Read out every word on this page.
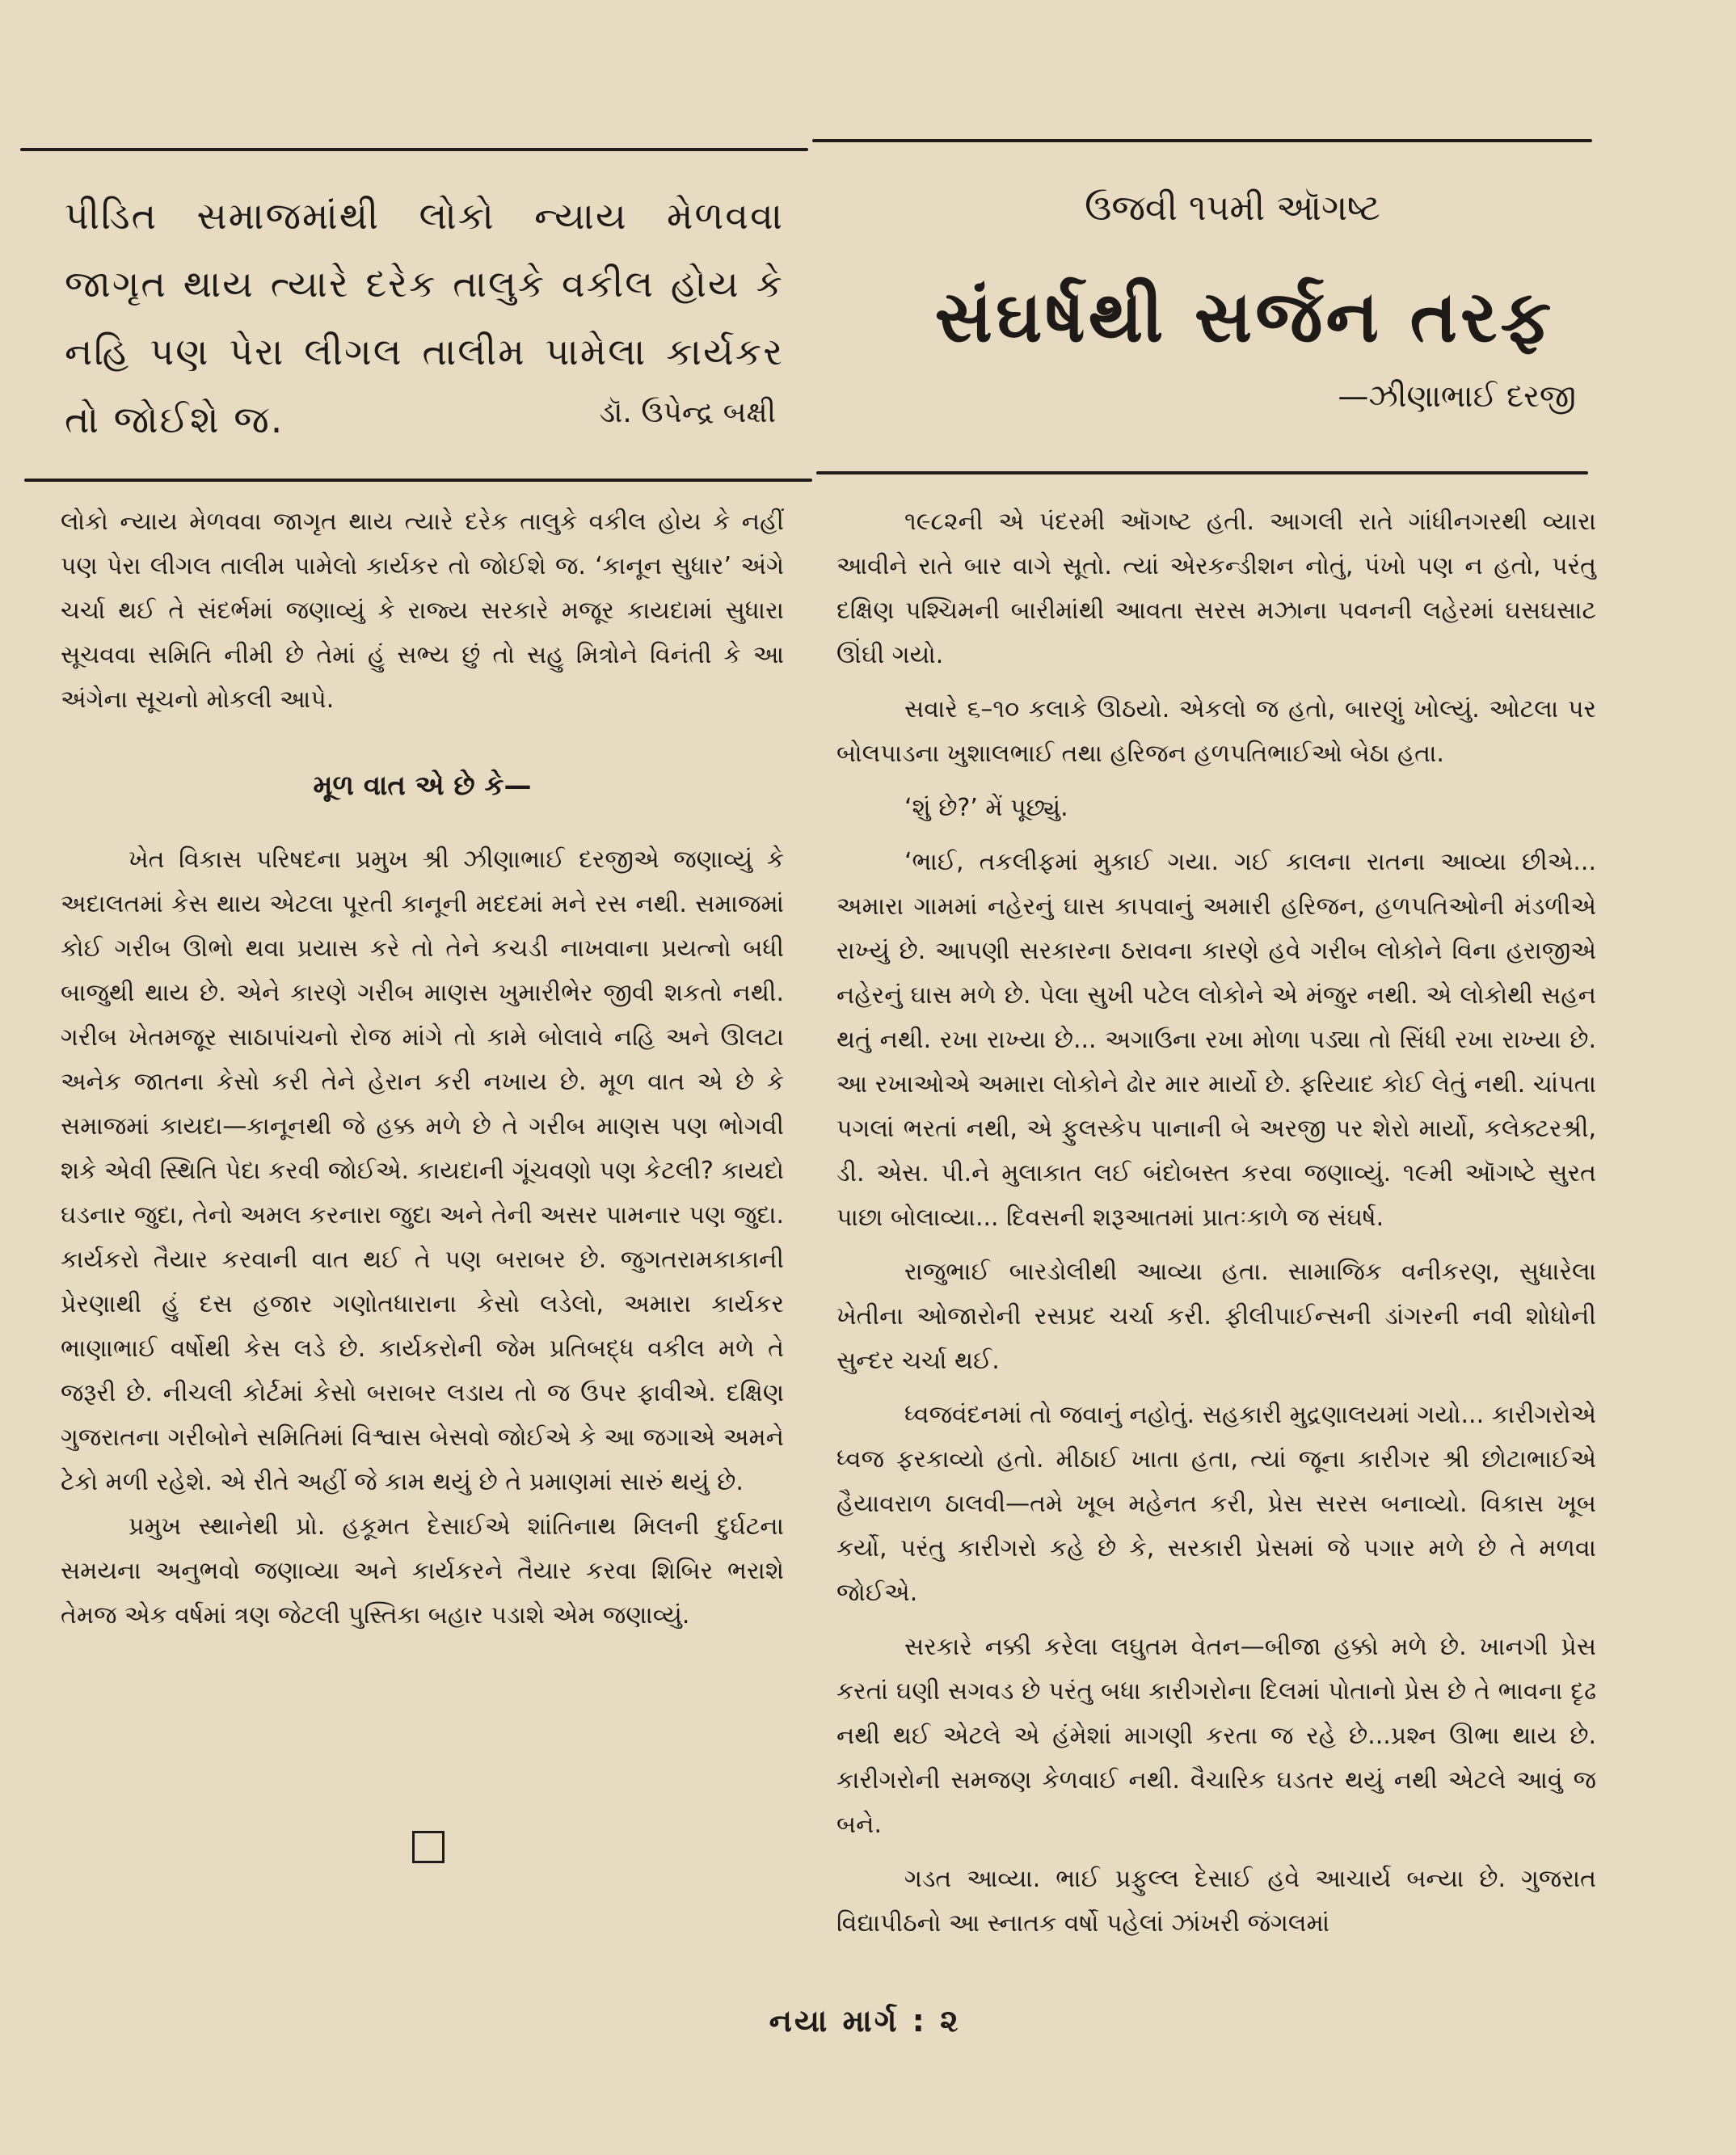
પીડિત સમાજમાંથી લોકો ન્યાય મેળવવા જાગૃત થાય ત્યારે દરેક તાલુકે વકીલ હોય કે નહિ પણ પેરા લીગલ તાલીમ પામેલા કાર્યકર તો જોઈશે જ.	ડૉ. ઉપેન્દ્ર બક્ષી
ઉજવી ૧૫મી ઑગષ્ટ
સંઘર્ષથી સર્જન તરફ
—ઝીણાભાઈ દરજી

લોકો ન્યાય મેળવવા જાગૃત થાય ત્યારે દરેક તાલુકે વકીલ હોય કે નહીં પણ પેરા લીગલ તાલીમ પામેલો કાર્યકર તો જોઈશે જ. ‘કાનૂન સુધાર’ અંગે ચર્ચા થઈ તે સંદર્ભમાં જણાવ્યું કે રાજ્ય સરકારે મજૂર કાયદામાં સુધારા સૂચવવા સમિતિ નીમી છે તેમાં હું સભ્ય છું તો સહુ મિત્રોને વિનંતી કે આ અંગેના સૂચનો મોકલી આપે.

મૂળ વાત એ છે કે—

ખેત વિકાસ પરિષદના પ્રમુખ શ્રી ઝીણાભાઈ દરજીએ જણાવ્યું કે અદાલતમાં કેસ થાય એટલા પૂરતી કાનૂની મદદમાં મને રસ નથી. સમાજમાં કોઈ ગરીબ ઊભો થવા પ્રયાસ કરે તો તેને કચડી નાખવાના પ્રયત્નો બધી બાજુથી થાય છે. એને કારણે ગરીબ માણસ ખુમારીભેર જીવી શકતો નથી. ગરીબ ખેતમજૂર સાઠાપાંચનો રોજ માંગે તો કામે બોલાવે નહિ અને ઊલટા અનેક જાતના કેસો કરી તેને હેરાન કરી નખાય છે. મૂળ વાત એ છે કે સમાજમાં કાયદા—કાનૂનથી જે હક્ક મળે છે તે ગરીબ માણસ પણ ભોગવી શકે એવી સ્થિતિ પેદા કરવી જોઈએ. કાયદાની ગૂંચવણો પણ કેટલી? કાયદો ઘડનાર જુદા, તેનો અમલ કરનારા જુદા અને તેની અસર પામનાર પણ જુદા. કાર્યકરો તૈયાર કરવાની વાત થઈ તે પણ બરાબર છે. જુગતરામકાકાની પ્રેરણાથી હું દસ હજાર ગણોતધારાના કેસો લડેલો, અમારા કાર્યકર ભાણાભાઈ વર્ષોથી કેસ લડે છે. કાર્યકરોની જેમ પ્રતિબદ્ધ વકીલ મળે તે જરૂરી છે. નીચલી કોર્ટમાં કેસો બરાબર લડાય તો જ ઉપર ફાવીએ. દક્ષિણ ગુજરાતના ગરીબોને સમિતિમાં વિશ્વાસ બેસવો જોઈએ કે આ જગાએ અમને ટેકો મળી રહેશે. એ રીતે અહીં જે કામ થયું છે તે પ્રમાણમાં સારું થયું છે.

પ્રમુખ સ્થાનેથી પ્રો. હકૂમત દેસાઈએ શાંતિનાથ મિલની દુર્ઘટના સમયના અનુભવો જણાવ્યા અને કાર્યકરને તૈયાર કરવા શિબિર ભરાશે તેમજ એક વર્ષમાં ત્રણ જેટલી પુસ્તિકા બહાર પડાશે એમ જણાવ્યું.

૧૯૮૨ની એ પંદરમી ઑગષ્ટ હતી. આગલી રાતે ગાંધીનગરથી વ્યારા આવીને રાતે બાર વાગે સૂતો. ત્યાં એરકન્ડીશન નોતું, પંખો પણ ન હતો, પરંતુ દક્ષિણ પશ્ચિમની બારીમાંથી આવતા સરસ મઝાના પવનની લહેરમાં ઘસઘસાટ ઊંઘી ગયો.

સવારે ૬–૧૦ કલાકે ઊઠયો. એકલો જ હતો, બારણું ખોલ્યું. ઓટલા પર બોલપાડના ખુશાલભાઈ તથા હરિજન હળપતિભાઈઓ બેઠા હતા.

‘શું છે?’ મેં પૂછ્યું.

‘ભાઈ, તકલીફમાં મુકાઈ ગયા. ગઈ કાલના રાતના આવ્યા છીએ... અમારા ગામમાં નહેરનું ઘાસ કાપવાનું અમારી હરિજન, હળપતિઓની મંડળીએ રાખ્યું છે. આપણી સરકારના ઠરાવના કારણે હવે ગરીબ લોકોને વિના હરાજીએ નહેરનું ઘાસ મળે છે. પેલા સુખી પટેલ લોકોને એ મંજુર નથી. એ લોકોથી સહન થતું નથી. રખા રાખ્યા છે... અગાઉના રખા મોળા પડ્યા તો સિંધી રખા રાખ્યા છે. આ રખાઓએ અમારા લોકોને ઢોર માર માર્યો છે. ફરિયાદ કોઈ લેતું નથી. ચાંપતા પગલાં ભરતાં નથી, એ ફુલસ્કેપ પાનાની બે અરજી પર શેરો માર્યો, કલેક્ટરશ્રી, ડી. એસ. પી.ને મુલાકાત લઈ બંદોબસ્ત કરવા જણાવ્યું. ૧૯મી ઑગષ્ટે સુરત પાછા બોલાવ્યા... દિવસની શરૂઆતમાં પ્રાતઃકાળે જ સંઘર્ષ.

રાજુભાઈ બારડોલીથી આવ્યા હતા. સામાજિક વનીકરણ, સુધારેલા ખેતીના ઓજારોની રસપ્રદ ચર્ચા કરી. ફીલીપાઈન્સની ડાંગરની નવી શોધોની સુન્દર ચર્ચા થઈ.

ધ્વજવંદનમાં તો જવાનું નહોતું. સહકારી મુદ્રણાલયમાં ગયો... કારીગરોએ ધ્વજ ફરકાવ્યો હતો. મીઠાઈ ખાતા હતા, ત્યાં જૂના કારીગર શ્રી છોટાભાઈએ હૈયાવરાળ ઠાલવી—તમે ખૂબ મહેનત કરી, પ્રેસ સરસ બનાવ્યો. વિકાસ ખૂબ કર્યો, પરંતુ કારીગરો કહે છે કે, સરકારી પ્રેસમાં જે પગાર મળે છે તે મળવા જોઈએ.

સરકારે નક્કી કરેલા લઘુતમ વેતન—બીજા હક્કો મળે છે. ખાનગી પ્રેસ કરતાં ઘણી સગવડ છે પરંતુ બધા કારીગરોના દિલમાં પોતાનો પ્રેસ છે તે ભાવના દૃઢ નથી થઈ એટલે એ હંમેશાં માગણી કરતા જ રહે છે...પ્રશ્ન ઊભા થાય છે. કારીગરોની સમજણ કેળવાઈ નથી. વૈચારિક ઘડતર થયું નથી એટલે આવું જ બને.

ગડત આવ્યા. ભાઈ પ્રફુલ્લ દેસાઈ હવે આચાર્ય બન્યા છે. ગુજરાત વિદ્યાપીઠનો આ સ્નાતક વર્ષો પહેલાં ઝાંખરી જંગલમાં

નયા માર્ગ : ૨
